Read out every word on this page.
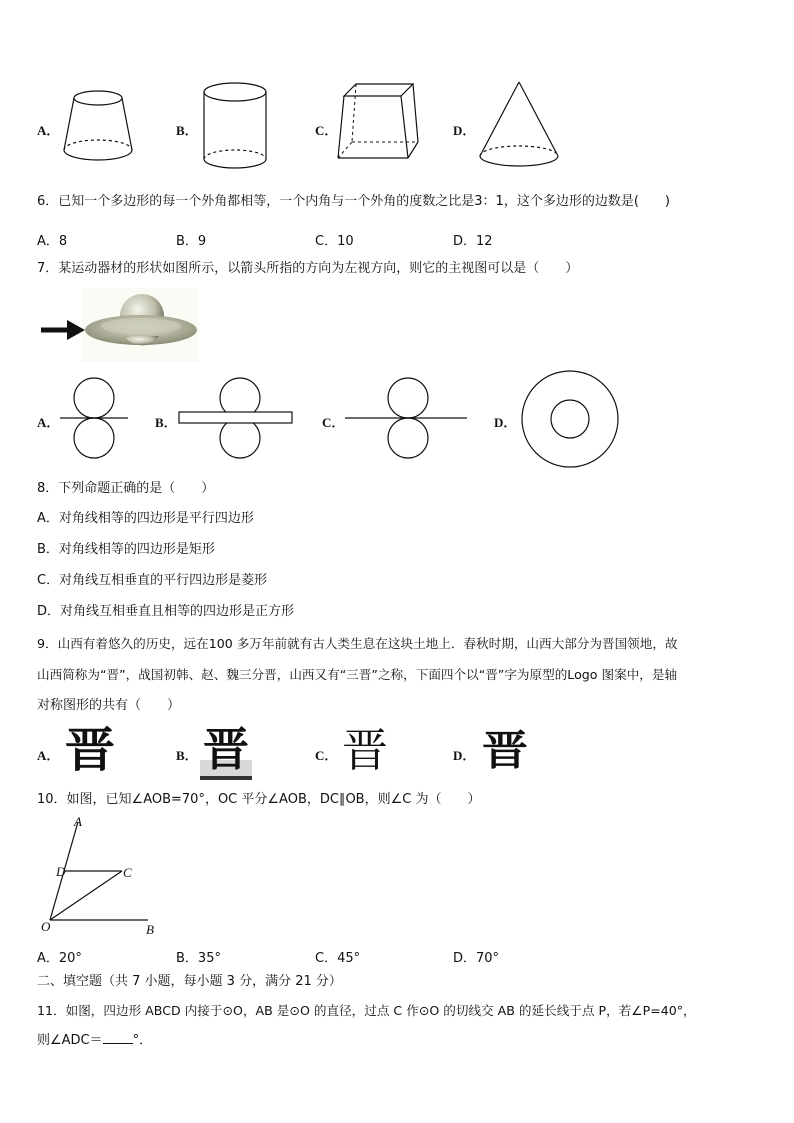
A．	B．	C．	D．
6．已知一个多边形的每一个外角都相等，一个内角与一个外角的度数之比是3：1，这个多边形的边数是(　　)
A．8	B．9	C．10	D．12
7．某运动器材的形状如图所示，以箭头所指的方向为左视方向，则它的主视图可以是（　　）
A．	B．	C．	D．
8．下列命题正确的是（　　）
A．对角线相等的四边形是平行四边形
B．对角线相等的四边形是矩形
C．对角线互相垂直的平行四边形是菱形
D．对角线互相垂直且相等的四边形是正方形
9．山西有着悠久的历史，远在100 多万年前就有古人类生息在这块土地上．春秋时期，山西大部分为晋国领地，故
山西简称为“晋”，战国初韩、赵、魏三分晋，山西又有“三晋”之称，下面四个以“晋”字为原型的Logo 图案中，是轴
对称图形的共有（　　）
A． 晋	B． 晋	C． 晋	D． 晋
10．如图，已知∠AOB=70°，OC 平分∠AOB，DC∥OB，则∠C 为（　　）
A
D	C
O	B
A．20°	B．35°	C．45°	D．70°
二、填空题（共 7 小题，每小题 3 分，满分 21 分）
11．如图，四边形 ABCD 内接于⊙O，AB 是⊙O 的直径，过点 C 作⊙O 的切线交 AB 的延长线于点 P，若∠P=40°，
则∠ADC＝ °．
